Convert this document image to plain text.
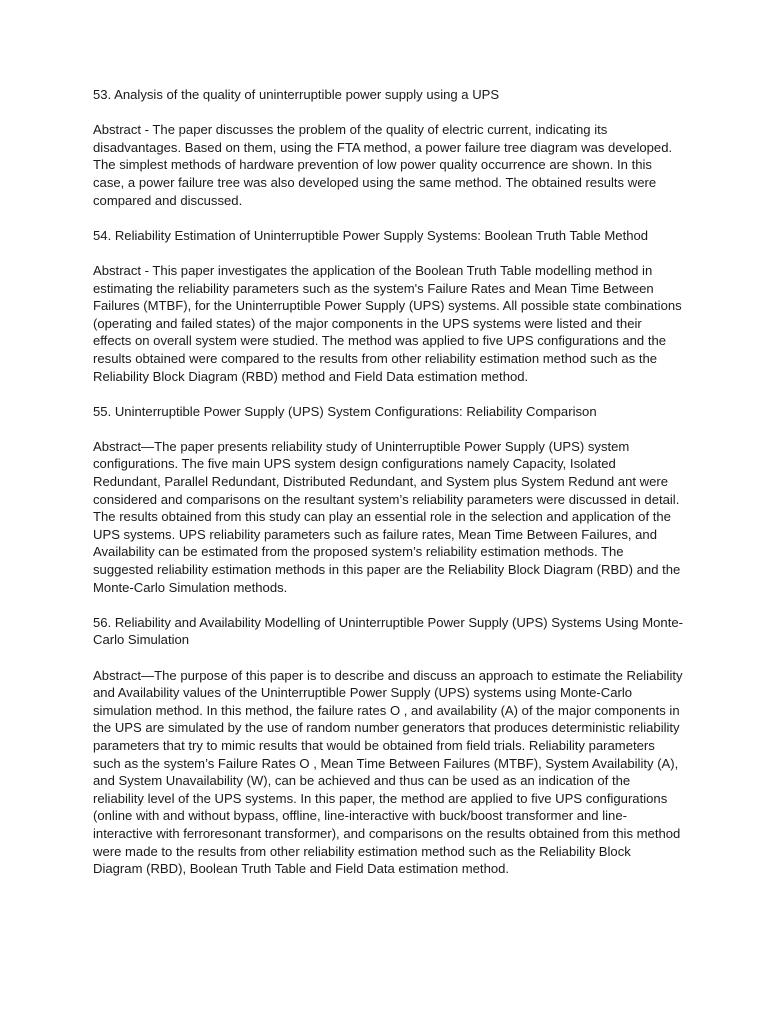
53. Analysis of the quality of uninterruptible power supply using a UPS

Abstract - The paper discusses the problem of the quality of electric current, indicating its disadvantages. Based on them, using the FTA method, a power failure tree diagram was developed. The simplest methods of hardware prevention of low power quality occurrence are shown. In this case, a power failure tree was also developed using the same method. The obtained results were compared and discussed.

54. Reliability Estimation of Uninterruptible Power Supply Systems: Boolean Truth Table Method

Abstract - This paper investigates the application of the Boolean Truth Table modelling method in estimating the reliability parameters such as the system's Failure Rates and Mean Time Between Failures (MTBF), for the Uninterruptible Power Supply (UPS) systems. All possible state combinations (operating and failed states) of the major components in the UPS systems were listed and their effects on overall system were studied. The method was applied to five UPS configurations and the results obtained were compared to the results from other reliability estimation method such as the Reliability Block Diagram (RBD) method and Field Data estimation method.

55. Uninterruptible Power Supply (UPS) System Configurations: Reliability Comparison

Abstract—The paper presents reliability study of Uninterruptible Power Supply (UPS) system configurations. The five main UPS system design configurations namely Capacity, Isolated Redundant, Parallel Redundant, Distributed Redundant, and System plus System Redund ant were considered and comparisons on the resultant system’s reliability parameters were discussed in detail. The results obtained from this study can play an essential role in the selection and application of the UPS systems. UPS reliability parameters such as failure rates, Mean Time Between Failures, and Availability can be estimated from the proposed system’s reliability estimation methods. The suggested reliability estimation methods in this paper are the Reliability Block Diagram (RBD) and the Monte-Carlo Simulation methods.

56. Reliability and Availability Modelling of Uninterruptible Power Supply (UPS) Systems Using Monte-Carlo Simulation

Abstract—The purpose of this paper is to describe and discuss an approach to estimate the Reliability and Availability values of the Uninterruptible Power Supply (UPS) systems using Monte-Carlo simulation method. In this method, the failure rates O , and availability (A) of the major components in the UPS are simulated by the use of random number generators that produces deterministic reliability parameters that try to mimic results that would be obtained from field trials. Reliability parameters such as the system’s Failure Rates O , Mean Time Between Failures (MTBF), System Availability (A), and System Unavailability (W), can be achieved and thus can be used as an indication of the reliability level of the UPS systems. In this paper, the method are applied to five UPS configurations (online with and without bypass, offline, line-interactive with buck/boost transformer and line-interactive with ferroresonant transformer), and comparisons on the results obtained from this method were made to the results from other reliability estimation method such as the Reliability Block Diagram (RBD), Boolean Truth Table and Field Data estimation method.
